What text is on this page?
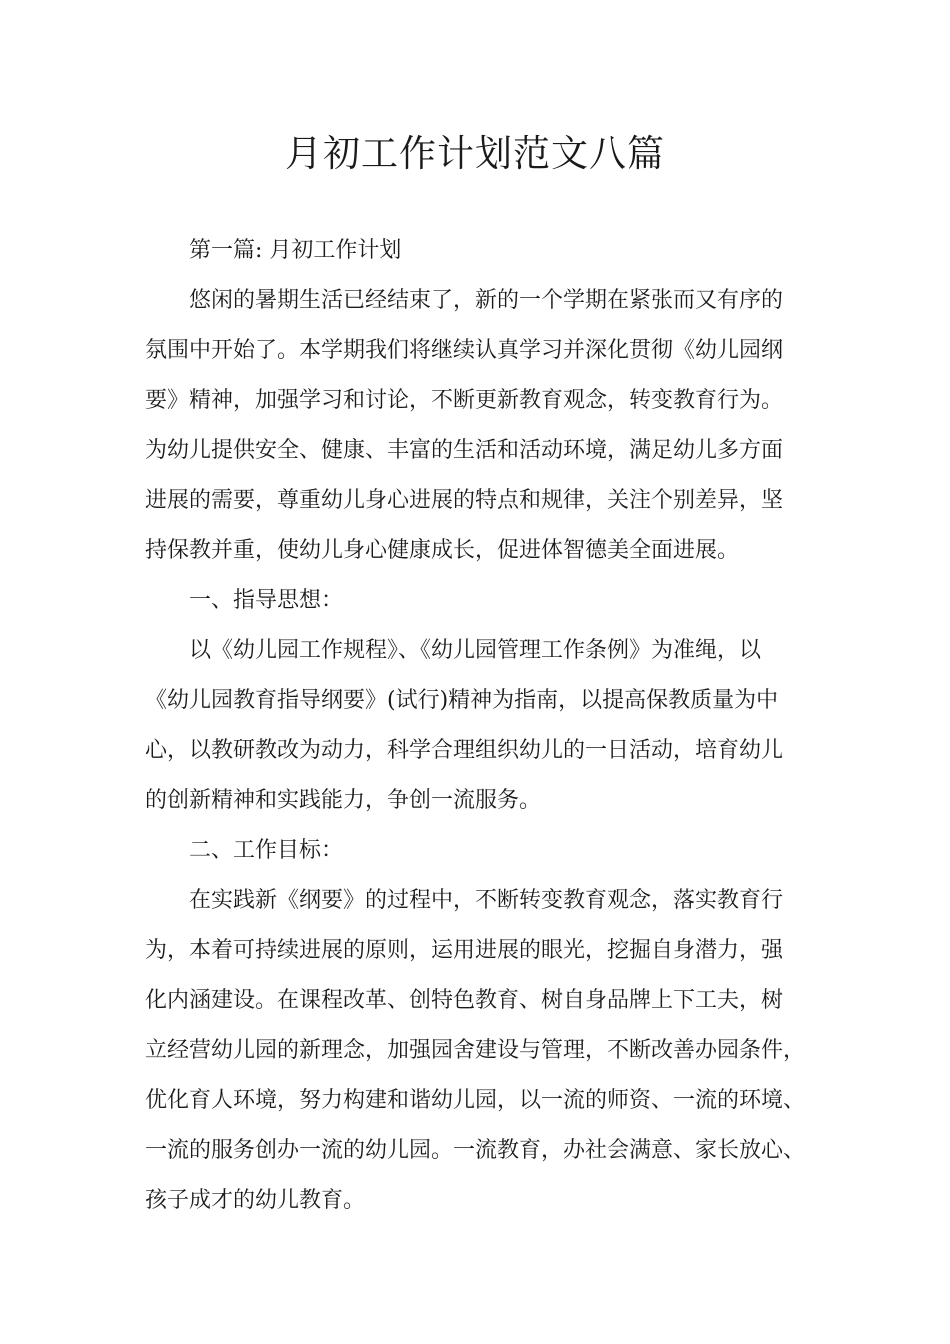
月初工作计划范文八篇
第一篇: 月初工作计划
悠闲的暑期生活已经结束了，新的一个学期在紧张而又有序的
氛围中开始了。本学期我们将继续认真学习并深化贯彻《幼儿园纲
要》精神，加强学习和讨论，不断更新教育观念，转变教育行为。
为幼儿提供安全、健康、丰富的生活和活动环境，满足幼儿多方面
进展的需要，尊重幼儿身心进展的特点和规律，关注个别差异，坚
持保教并重，使幼儿身心健康成长，促进体智德美全面进展。
一、指导思想：
以《幼儿园工作规程》、《幼儿园管理工作条例》为准绳，以
《幼儿园教育指导纲要》(试行)精神为指南，以提高保教质量为中
心，以教研教改为动力，科学合理组织幼儿的一日活动，培育幼儿
的创新精神和实践能力，争创一流服务。
二、工作目标：
在实践新《纲要》的过程中，不断转变教育观念，落实教育行
为，本着可持续进展的原则，运用进展的眼光，挖掘自身潜力，强
化内涵建设。在课程改革、创特色教育、树自身品牌上下工夫，树
立经营幼儿园的新理念，加强园舍建设与管理，不断改善办园条件，
优化育人环境，努力构建和谐幼儿园，以一流的师资、一流的环境、
一流的服务创办一流的幼儿园。一流教育，办社会满意、家长放心、
孩子成才的幼儿教育。
